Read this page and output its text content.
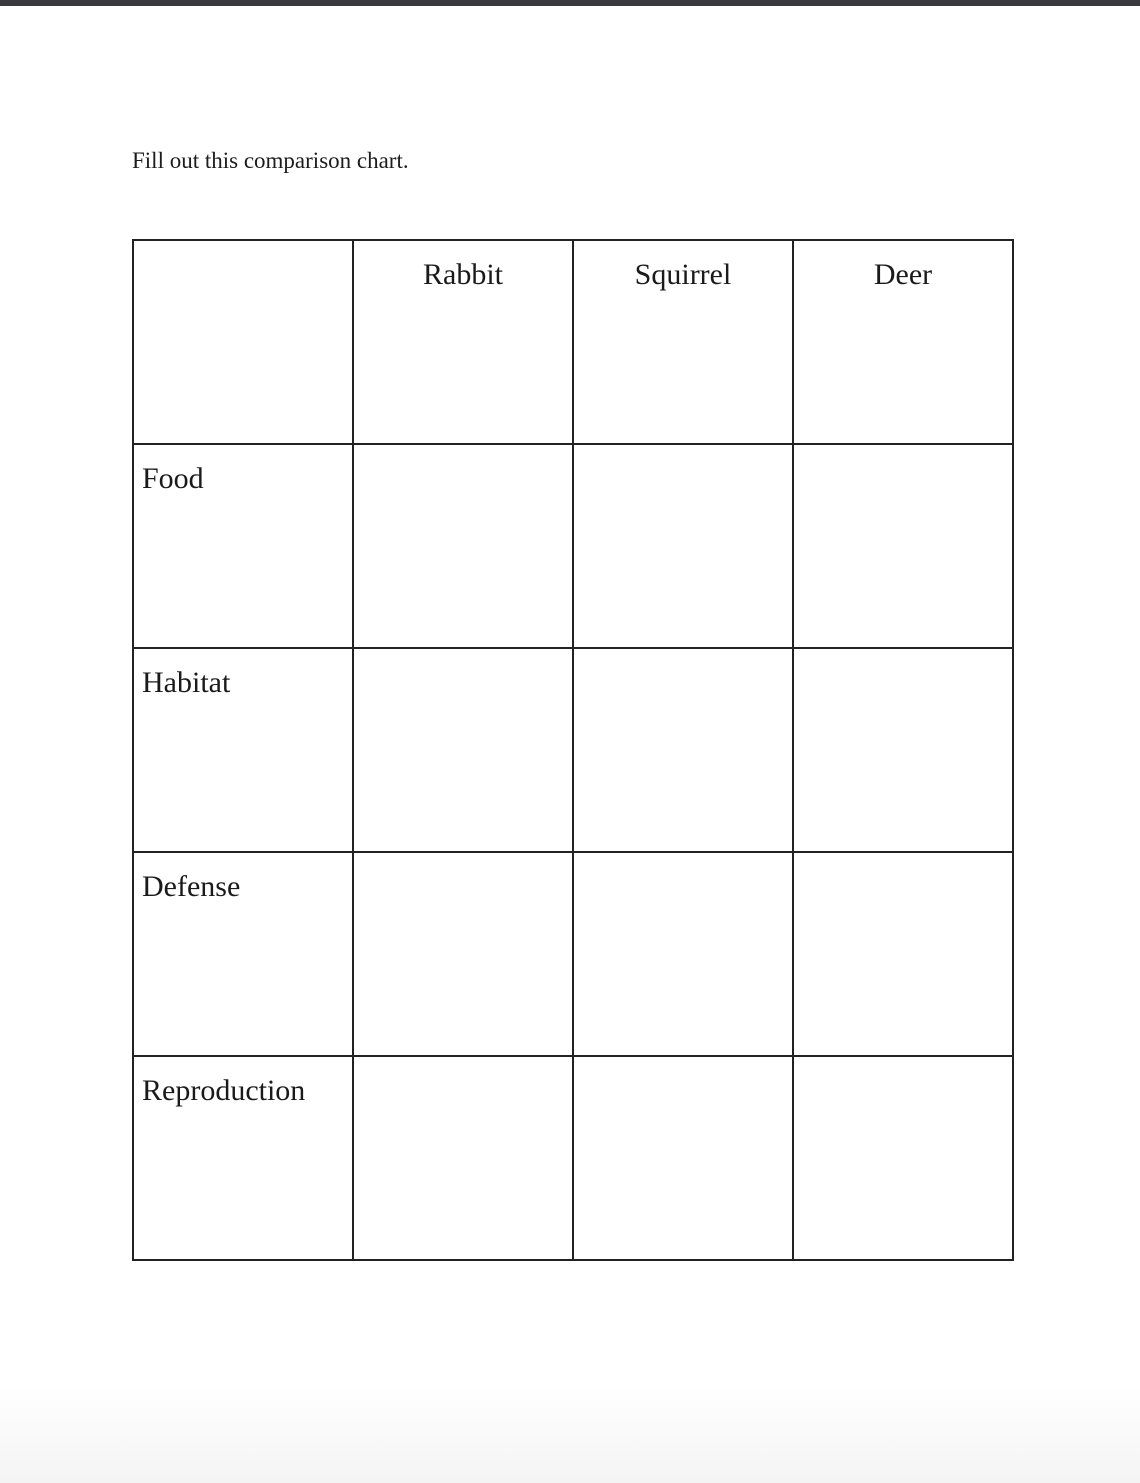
Fill out this comparison chart.
	Rabbit	Squirrel	Deer
Food			
Habitat			
Defense			
Reproduction			
